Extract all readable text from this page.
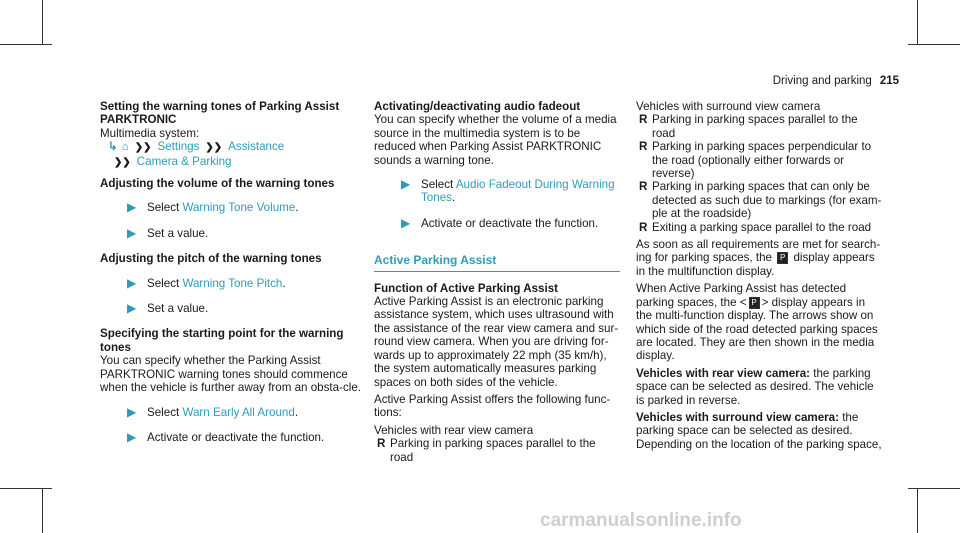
Driving and parking 215

Setting the warning tones of Parking Assist PARKTRONIC

Multimedia system:

↳ ⌂ ❯❯ Settings ❯❯ Assistance
❯❯ Camera & Parking

Adjusting the volume of the warning tones

▶ Select Warning Tone Volume.
▶ Set a value.

Adjusting the pitch of the warning tones

▶ Select Warning Tone Pitch.
▶ Set a value.

Specifying the starting point for the warning tones

You can specify whether the Parking Assist PARKTRONIC warning tones should commence when the vehicle is further away from an obsta-cle.

▶ Select Warn Early All Around.
▶ Activate or deactivate the function.

Activating/deactivating audio fadeout

You can specify whether the volume of a media source in the multimedia system is to be reduced when Parking Assist PARKTRONIC sounds a warning tone.

▶ Select Audio Fadeout During Warning Tones.
▶ Activate or deactivate the function.
Active Parking Assist

Function of Active Parking Assist

Active Parking Assist is an electronic parking assistance system, which uses ultrasound with the assistance of the rear view camera and sur-round view camera. When you are driving for-wards up to approximately 22 mph (35 km/h), the system automatically measures parking spaces on both sides of the vehicle.

Active Parking Assist offers the following func-tions:

Vehicles with rear view camera

R Parking in parking spaces parallel to the road

Vehicles with surround view camera

R Parking in parking spaces parallel to the road
R Parking in parking spaces perpendicular to the road (optionally either forwards or reverse)
R Parking in parking spaces that can only be detected as such due to markings (for exam-ple at the roadside)
R Exiting a parking space parallel to the road

As soon as all requirements are met for search-ing for parking spaces, the P display appears in the multifunction display.

When Active Parking Assist has detected parking spaces, the < P > display appears in the multi-function display. The arrows show on which side of the road detected parking spaces are located. They are then shown in the media display.

Vehicles with rear view camera: the parking space can be selected as desired. The vehicle is parked in reverse.

Vehicles with surround view camera: the parking space can be selected as desired. Depending on the location of the parking space,

carmanualsonline.info
